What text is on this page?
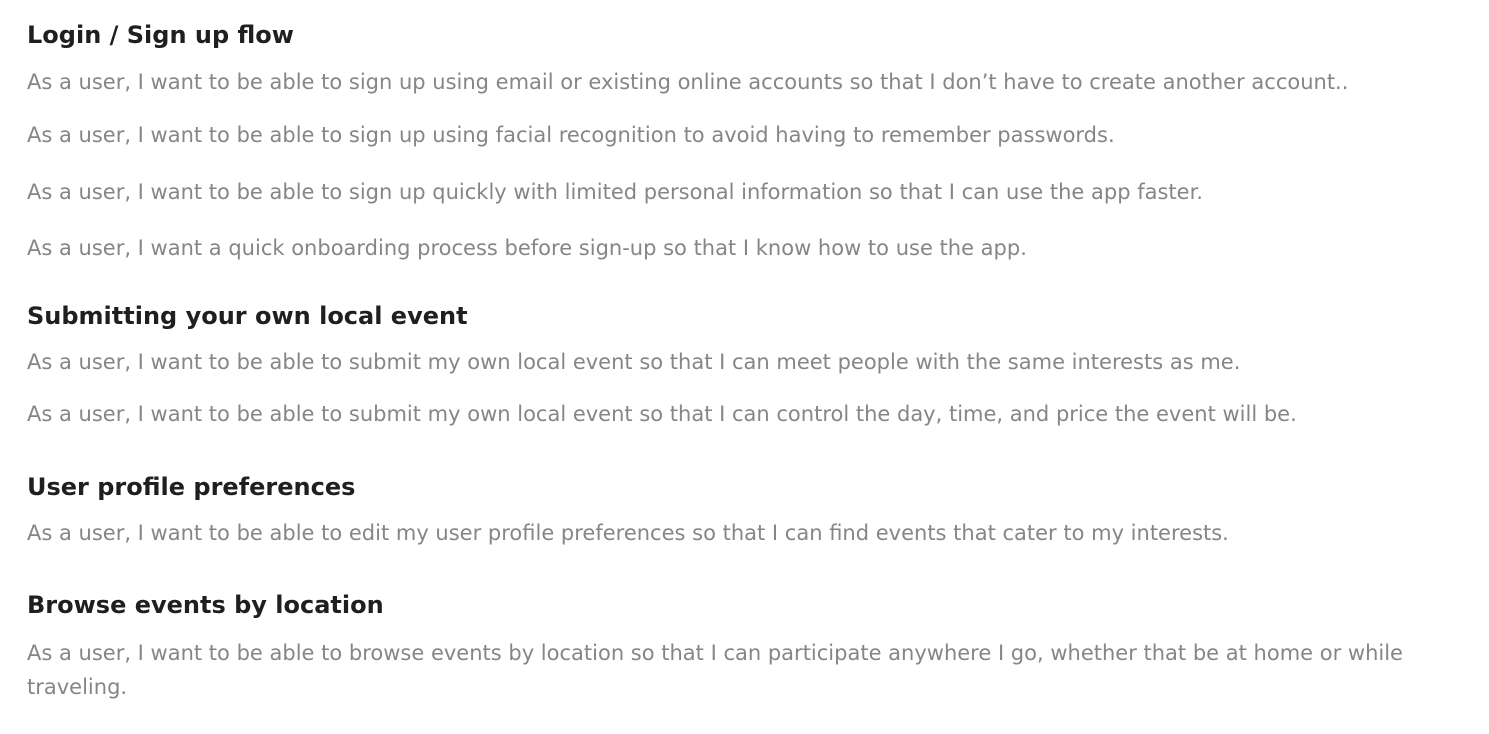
Login / Sign up flow

As a user, I want to be able to sign up using email or existing online accounts so that I don’t have to create another account..

As a user, I want to be able to sign up using facial recognition to avoid having to remember passwords.

As a user, I want to be able to sign up quickly with limited personal information so that I can use the app faster.

As a user, I want a quick onboarding process before sign-up so that I know how to use the app.

Submitting your own local event

As a user, I want to be able to submit my own local event so that I can meet people with the same interests as me.

As a user, I want to be able to submit my own local event so that I can control the day, time, and price the event will be.

User profile preferences

As a user, I want to be able to edit my user profile preferences so that I can find events that cater to my interests.

Browse events by location

As a user, I want to be able to browse events by location so that I can participate anywhere I go, whether that be at home or while traveling.
